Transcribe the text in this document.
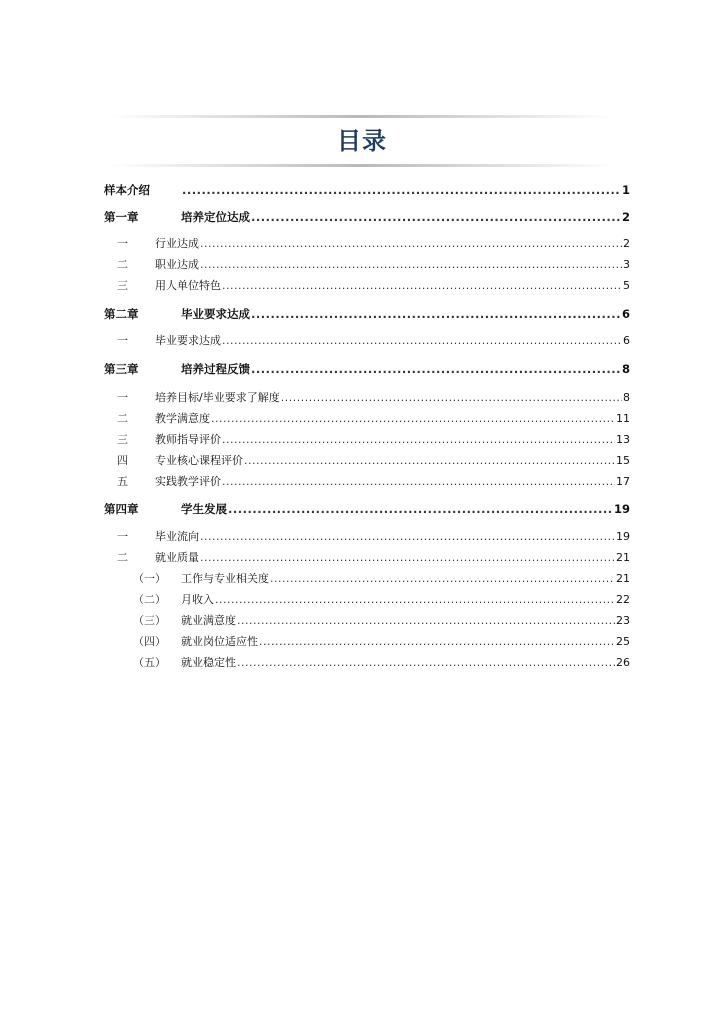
目录
样本介绍 .....	1
第一章	培养定位达成 .....	2
一	行业达成 .....	2
二	职业达成 .....	3
三	用人单位特色 .....	5
第二章	毕业要求达成 .....	6
一	毕业要求达成 .....	6
第三章	培养过程反馈 .....	8
一	培养目标/毕业要求了解度 .....	8
二	教学满意度 .....	11
三	教师指导评价 .....	13
四	专业核心课程评价 .....	15
五	实践教学评价 .....	17
第四章	学生发展 .....	19
一	毕业流向 .....	19
二	就业质量 .....	21
（一）	工作与专业相关度 .....	21
（二）	月收入 .....	22
（三）	就业满意度 .....	23
（四）	就业岗位适应性 .....	25
（五）	就业稳定性 .....	26
